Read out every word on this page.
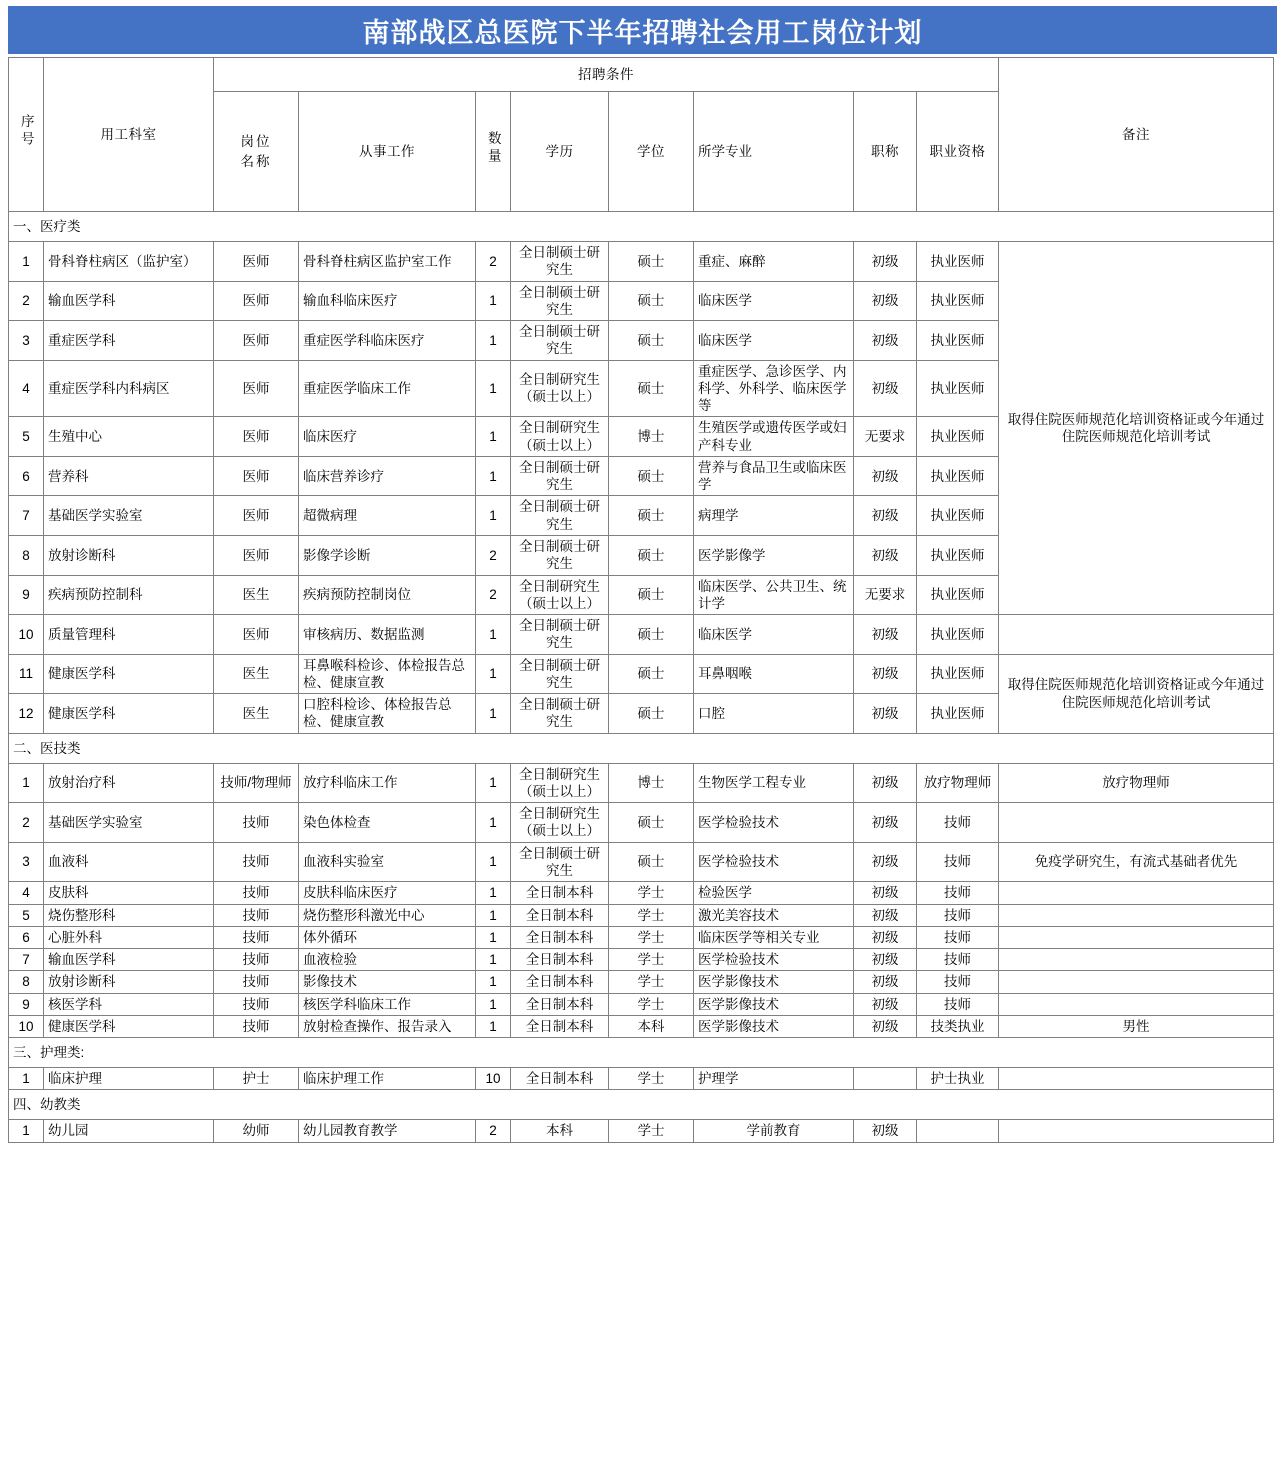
南部战区总医院下半年招聘社会用工岗位计划
序号	用工科室	招聘条件								备注
		岗位名称	从事工作	数量	学历	学位	所学专业	职称	职业资格	
一、医疗类										
1	骨科脊柱病区（监护室）	医师	骨科脊柱病区监护室工作	2	全日制硕士研究生	硕士	重症、麻醉	初级	执业医师	取得住院医师规范化培训资格证或今年通过住院医师规范化培训考试
2	输血医学科	医师	输血科临床医疗	1	全日制硕士研究生	硕士	临床医学	初级	执业医师	
3	重症医学科	医师	重症医学科临床医疗	1	全日制硕士研究生	硕士	临床医学	初级	执业医师	
4	重症医学科内科病区	医师	重症医学临床工作	1	全日制研究生（硕士以上）	硕士	重症医学、急诊医学、内科学、外科学、临床医学等	初级	执业医师	
5	生殖中心	医师	临床医疗	1	全日制研究生（硕士以上）	博士	生殖医学或遗传医学或妇产科专业	无要求	执业医师	
6	营养科	医师	临床营养诊疗	1	全日制硕士研究生	硕士	营养与食品卫生或临床医学	初级	执业医师	
7	基础医学实验室	医师	超微病理	1	全日制硕士研究生	硕士	病理学	初级	执业医师	
8	放射诊断科	医师	影像学诊断	2	全日制硕士研究生	硕士	医学影像学	初级	执业医师	
9	疾病预防控制科	医生	疾病预防控制岗位	2	全日制研究生（硕士以上）	硕士	临床医学、公共卫生、统计学	无要求	执业医师	
10	质量管理科	医师	审核病历、数据监测	1	全日制硕士研究生	硕士	临床医学	初级	执业医师	
11	健康医学科	医生	耳鼻喉科检诊、体检报告总检、健康宣教	1	全日制硕士研究生	硕士	耳鼻咽喉	初级	执业医师	取得住院医师规范化培训资格证或今年通过住院医师规范化培训考试
12	健康医学科	医生	口腔科检诊、体检报告总检、健康宣教	1	全日制硕士研究生	硕士	口腔	初级	执业医师	
二、医技类										
1	放射治疗科	技师/物理师	放疗科临床工作	1	全日制研究生（硕士以上）	博士	生物医学工程专业	初级	放疗物理师	放疗物理师
2	基础医学实验室	技师	染色体检查	1	全日制研究生（硕士以上）	硕士	医学检验技术	初级	技师	
3	血液科	技师	血液科实验室	1	全日制硕士研究生	硕士	医学检验技术	初级	技师	免疫学研究生，有流式基础者优先
4	皮肤科	技师	皮肤科临床医疗	1	全日制本科	学士	检验医学	初级	技师	
5	烧伤整形科	技师	烧伤整形科激光中心	1	全日制本科	学士	激光美容技术	初级	技师	
6	心脏外科	技师	体外循环	1	全日制本科	学士	临床医学等相关专业	初级	技师	
7	输血医学科	技师	血液检验	1	全日制本科	学士	医学检验技术	初级	技师	
8	放射诊断科	技师	影像技术	1	全日制本科	学士	医学影像技术	初级	技师	
9	核医学科	技师	核医学科临床工作	1	全日制本科	学士	医学影像技术	初级	技师	
10	健康医学科	技师	放射检查操作、报告录入	1	全日制本科	本科	医学影像技术	初级	技类执业	男性
三、护理类:										
1	临床护理	护士	临床护理工作	10	全日制本科	学士	护理学		护士执业	
四、幼教类										
1	幼儿园	幼师	幼儿园教育教学	2	本科	学士	学前教育	初级		
